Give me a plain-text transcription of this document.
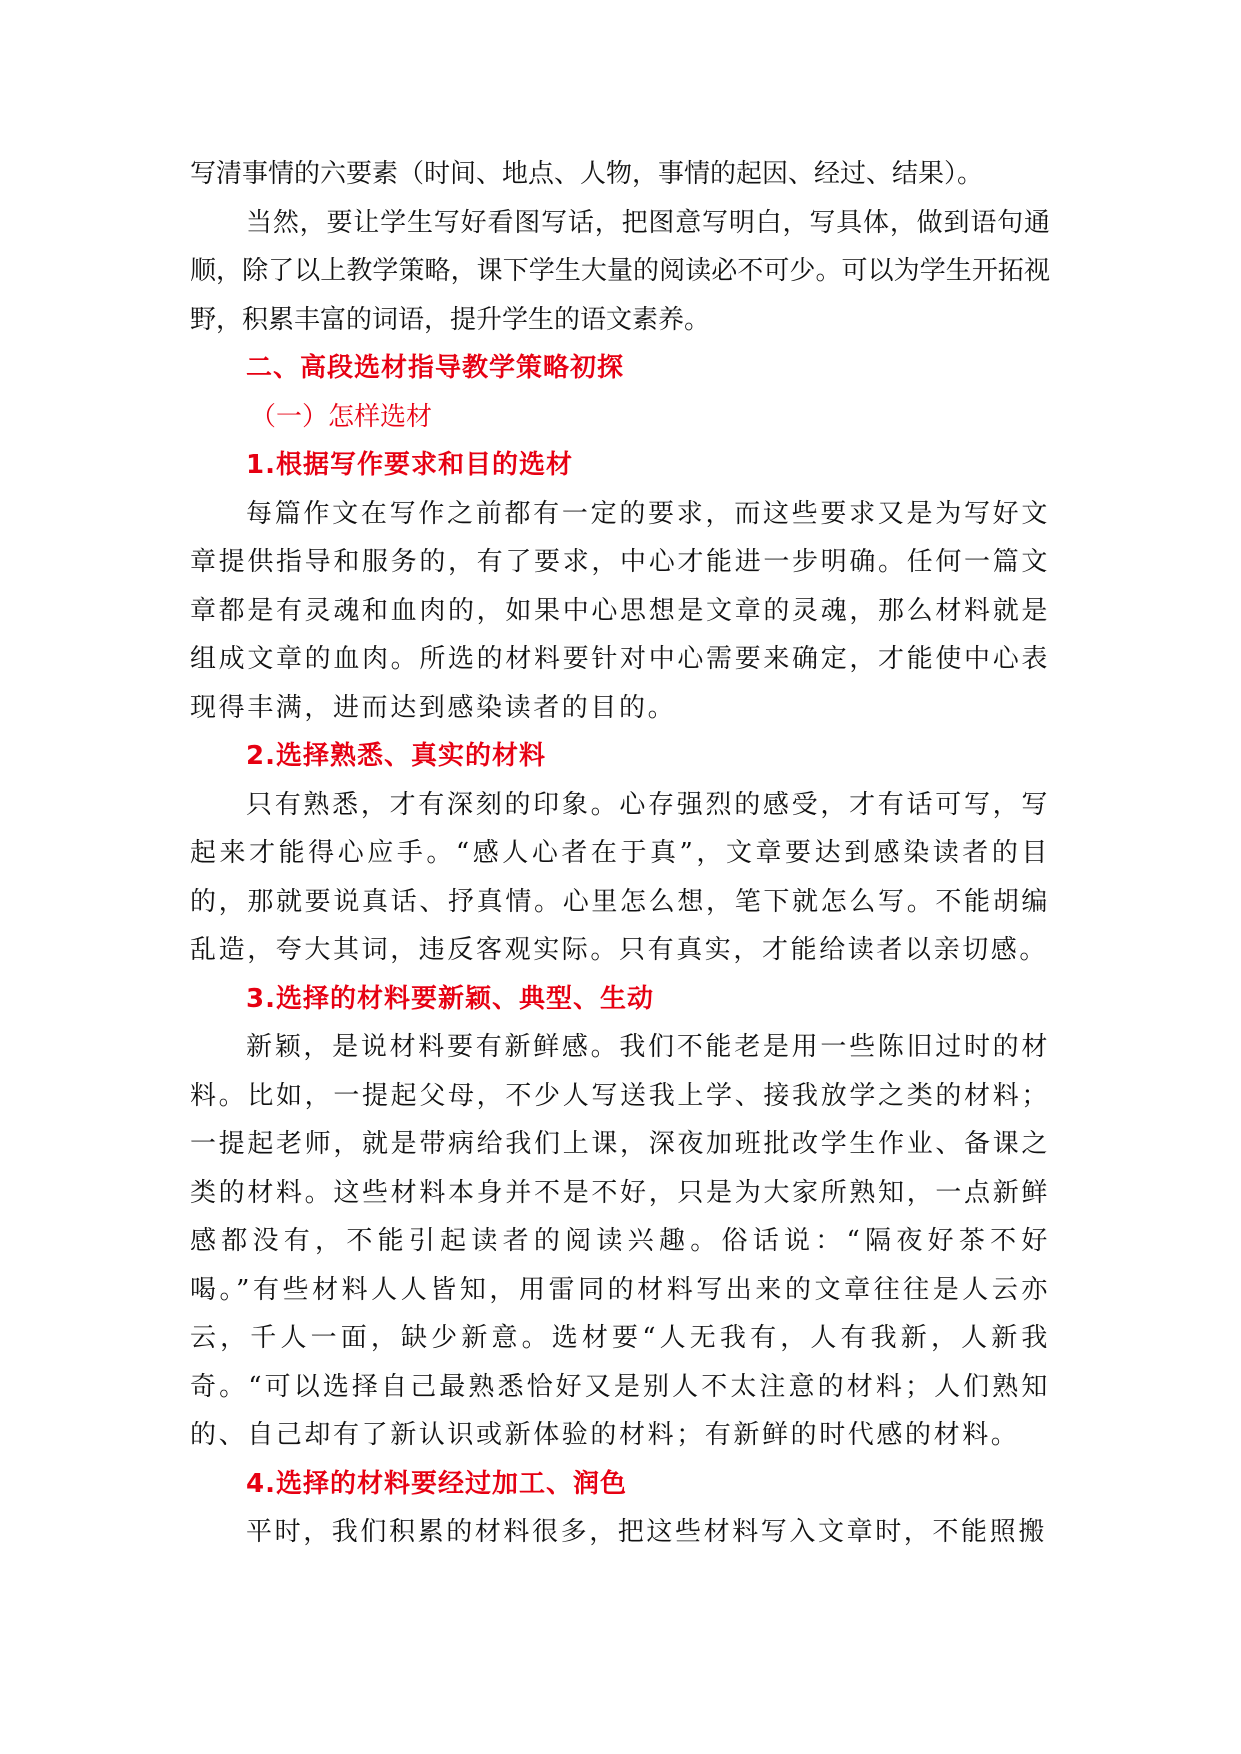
写清事情的六要素（时间、地点、人物，事情的起因、经过、结果）。

当然，要让学生写好看图写话，把图意写明白，写具体，做到语句通顺，除了以上教学策略，课下学生大量的阅读必不可少。可以为学生开拓视野，积累丰富的词语，提升学生的语文素养。

二、高段选材指导教学策略初探

（一）怎样选材

1.根据写作要求和目的选材

每篇作文在写作之前都有一定的要求，而这些要求又是为写好文章提供指导和服务的，有了要求，中心才能进一步明确。任何一篇文章都是有灵魂和血肉的，如果中心思想是文章的灵魂，那么材料就是组成文章的血肉。所选的材料要针对中心需要来确定，才能使中心表现得丰满，进而达到感染读者的目的。

2.选择熟悉、真实的材料

只有熟悉，才有深刻的印象。心存强烈的感受，才有话可写，写起来才能得心应手。“感人心者在于真”，文章要达到感染读者的目的，那就要说真话、抒真情。心里怎么想，笔下就怎么写。不能胡编乱造，夸大其词，违反客观实际。只有真实，才能给读者以亲切感。

3.选择的材料要新颖、典型、生动

新颖，是说材料要有新鲜感。我们不能老是用一些陈旧过时的材料。比如，一提起父母，不少人写送我上学、接我放学之类的材料；一提起老师，就是带病给我们上课，深夜加班批改学生作业、备课之类的材料。这些材料本身并不是不好，只是为大家所熟知，一点新鲜感都没有，不能引起读者的阅读兴趣。俗话说：“隔夜好茶不好喝。”有些材料人人皆知，用雷同的材料写出来的文章往往是人云亦云，千人一面，缺少新意。选材要“人无我有，人有我新，人新我奇。“可以选择自己最熟悉恰好又是别人不太注意的材料；人们熟知的、自己却有了新认识或新体验的材料；有新鲜的时代感的材料。

4.选择的材料要经过加工、润色

平时，我们积累的材料很多，把这些材料写入文章时，不能照搬
